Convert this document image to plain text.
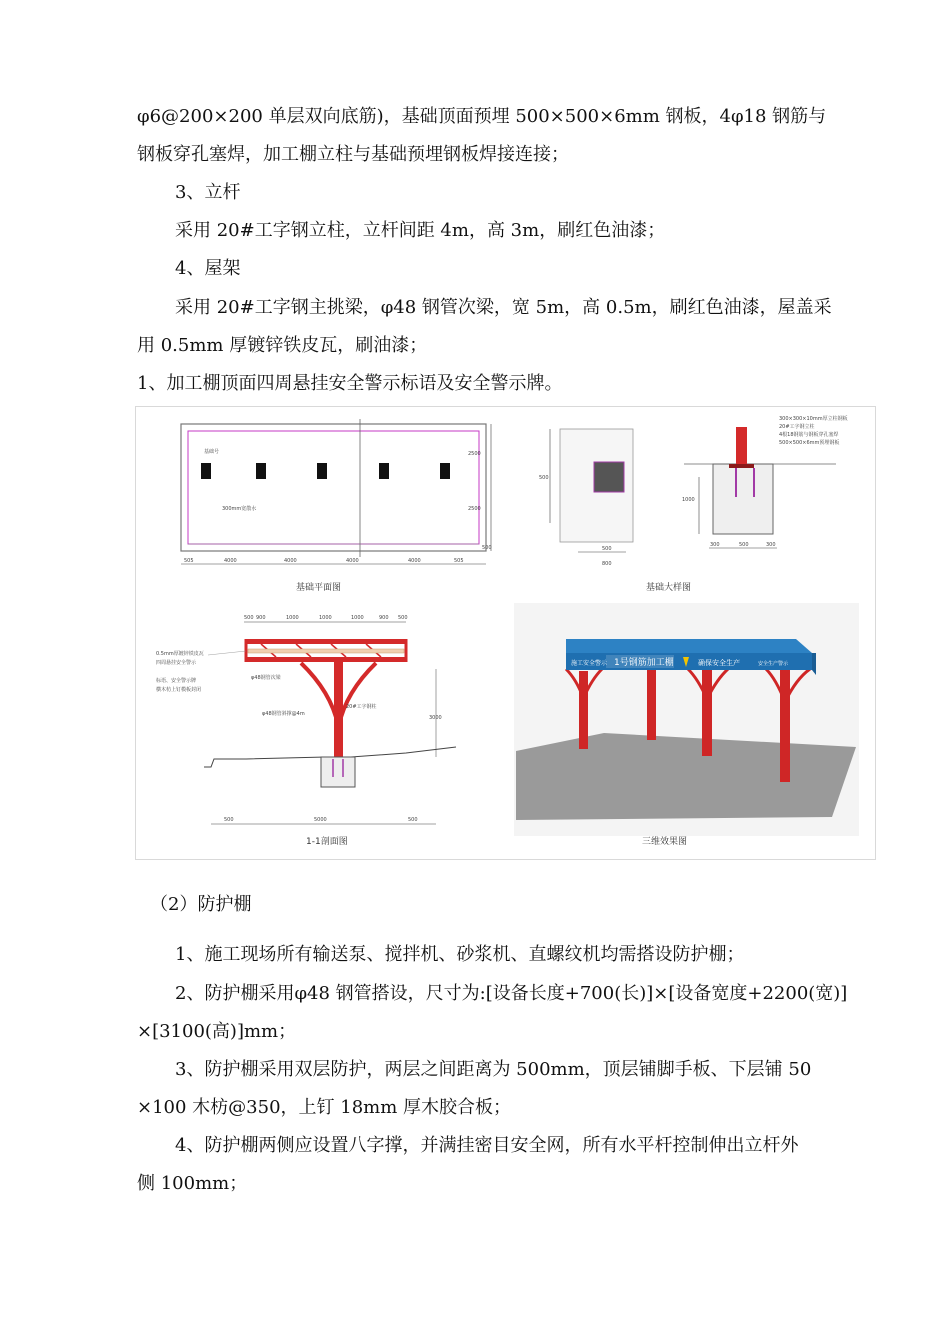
φ6@200×200 单层双向底筋)，基础顶面预埋 500×500×6mm 钢板，4φ18 钢筋与
钢板穿孔塞焊，加工棚立柱与基础预埋钢板焊接连接；
3、立杆
采用 20#工字钢立柱，立杆间距 4m，高 3m，刷红色油漆；
4、屋架
采用 20#工字钢主挑梁，φ48 钢管次梁，宽 5m，高 0.5m，刷红色油漆，屋盖采
用 0.5mm 厚镀锌铁皮瓦，刷油漆；
1、加工棚顶面四周悬挂安全警示标语及安全警示牌。
基础号
300mm宽散水
505	4000	4000	4000	4000	505
2500
2500
500
基础平面图
500
500
800
300×300×10mm厚立柱钢板
20#工字钢立柱
4根18钢筋与钢板穿孔塞焊
500×500×6mm预埋钢板
1000
300	500	300
基础大样图
500 900	1000	1000	1000	900 500
0.5mm厚镀锌铁皮瓦
四周悬挂安全警示
标语、安全警示牌
横木枋上钉模板封闭
φ48钢管次梁
φ48钢管斜撑@4m
20#工字钢柱
3000
500	5000	500
1-1剖面图
施工安全警示 1号钢筋加工棚	确保安全生产	安全生产警示
三维效果图
（2）防护棚
1、施工现场所有输送泵、搅拌机、砂浆机、直螺纹机均需搭设防护棚；
2、防护棚采用φ48 钢管搭设，尺寸为:[设备长度+700(长)]×[设备宽度+2200(宽)]
×[3100(高)]mm；
3、防护棚采用双层防护，两层之间距离为 500mm，顶层铺脚手板、下层铺 50
×100 木枋@350，上钉 18mm 厚木胶合板；
4、防护棚两侧应设置八字撑，并满挂密目安全网，所有水平杆控制伸出立杆外
侧 100mm；
